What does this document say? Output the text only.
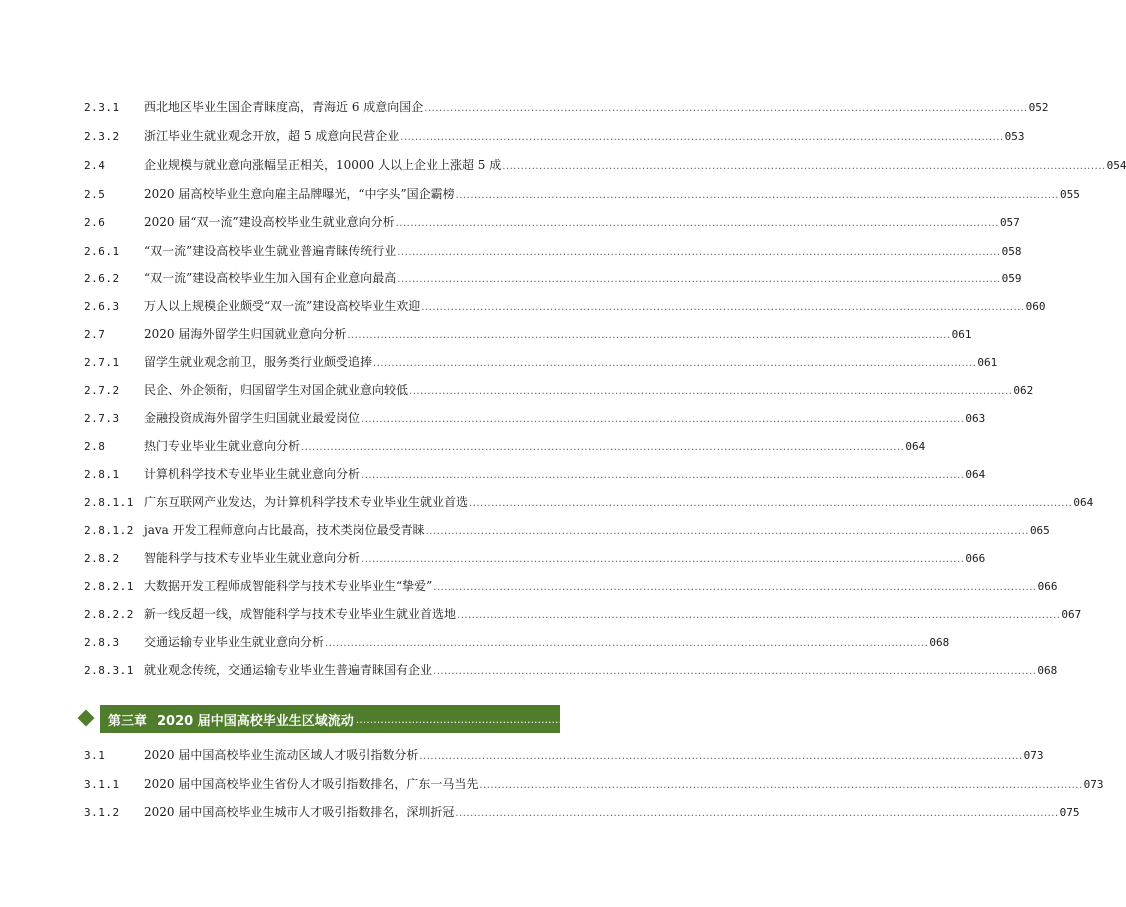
2.3.1	西北地区毕业生国企青睐度高，青海近 6 成意向国企 .....	052
2.3.2	浙江毕业生就业观念开放，超 5 成意向民营企业 .....	053
2.4	企业规模与就业意向涨幅呈正相关，10000 人以上企业上涨超 5 成 .....	054
2.5	2020 届高校毕业生意向雇主品牌曝光，“中字头”国企霸榜 .....	055
2.6	2020 届“双一流”建设高校毕业生就业意向分析 .....	057
2.6.1	“双一流”建设高校毕业生就业普遍青睐传统行业 .....	058
2.6.2	“双一流”建设高校毕业生加入国有企业意向最高 .....	059
2.6.3	万人以上规模企业颇受“双一流”建设高校毕业生欢迎 .....	060
2.7	2020 届海外留学生归国就业意向分析 .....	061
2.7.1	留学生就业观念前卫，服务类行业颇受追捧 .....	061
2.7.2	民企、外企领衔，归国留学生对国企就业意向较低 .....	062
2.7.3	金融投资成海外留学生归国就业最爱岗位 .....	063
2.8	热门专业毕业生就业意向分析 .....	064
2.8.1	计算机科学技术专业毕业生就业意向分析 .....	064
2.8.1.1 广东互联网产业发达，为计算机科学技术专业毕业生就业首选 .....	064
2.8.1.2 java 开发工程师意向占比最高，技术类岗位最受青睐 .....	065
2.8.2	智能科学与技术专业毕业生就业意向分析 .....	066
2.8.2.1 大数据开发工程师成智能科学与技术专业毕业生“挚爱” .....	066
2.8.2.2 新一线反超一线，成智能科学与技术专业毕业生就业首选地 .....	067
2.8.3	交通运输专业毕业生就业意向分析 .....	068
2.8.3.1 就业观念传统，交通运输专业毕业生普遍青睐国有企业 .....	068
第三章 2020 届中国高校毕业生区域流动 .....	071
3.1	2020 届中国高校毕业生流动区域人才吸引指数分析 .....	073
3.1.1	2020 届中国高校毕业生省份人才吸引指数排名，广东一马当先 .....	073
3.1.2	2020 届中国高校毕业生城市人才吸引指数排名，深圳折冠 .....	075
